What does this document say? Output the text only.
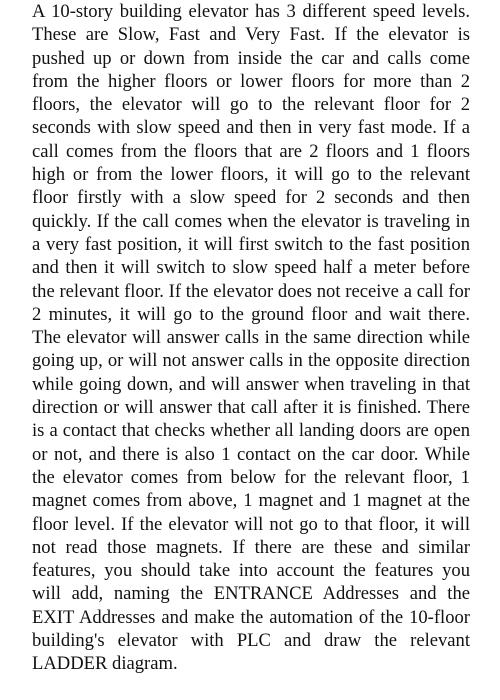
A 10-story building elevator has 3 different speed levels. These are Slow, Fast and Very Fast. If the elevator is pushed up or down from inside the car and calls come from the higher floors or lower floors for more than 2 floors, the elevator will go to the relevant floor for 2 seconds with slow speed and then in very fast mode. If a call comes from the floors that are 2 floors and 1 floors high or from the lower floors, it will go to the relevant floor firstly with a slow speed for 2 seconds and then quickly. If the call comes when the elevator is traveling in a very fast position, it will first switch to the fast position and then it will switch to slow speed half a meter before the relevant floor. If the elevator does not receive a call for 2 minutes, it will go to the ground floor and wait there. The elevator will answer calls in the same direction while going up, or will not answer calls in the opposite direction while going down, and will answer when traveling in that direction or will answer that call after it is finished. There is a contact that checks whether all landing doors are open or not, and there is also 1 contact on the car door. While the elevator comes from below for the relevant floor, 1 magnet comes from above, 1 magnet and 1 magnet at the floor level. If the elevator will not go to that floor, it will not read those magnets. If there are these and similar features, you should take into account the features you will add, naming the ENTRANCE Addresses and the EXIT Addresses and make the automation of the 10-floor building's elevator with PLC and draw the relevant LADDER diagram.
